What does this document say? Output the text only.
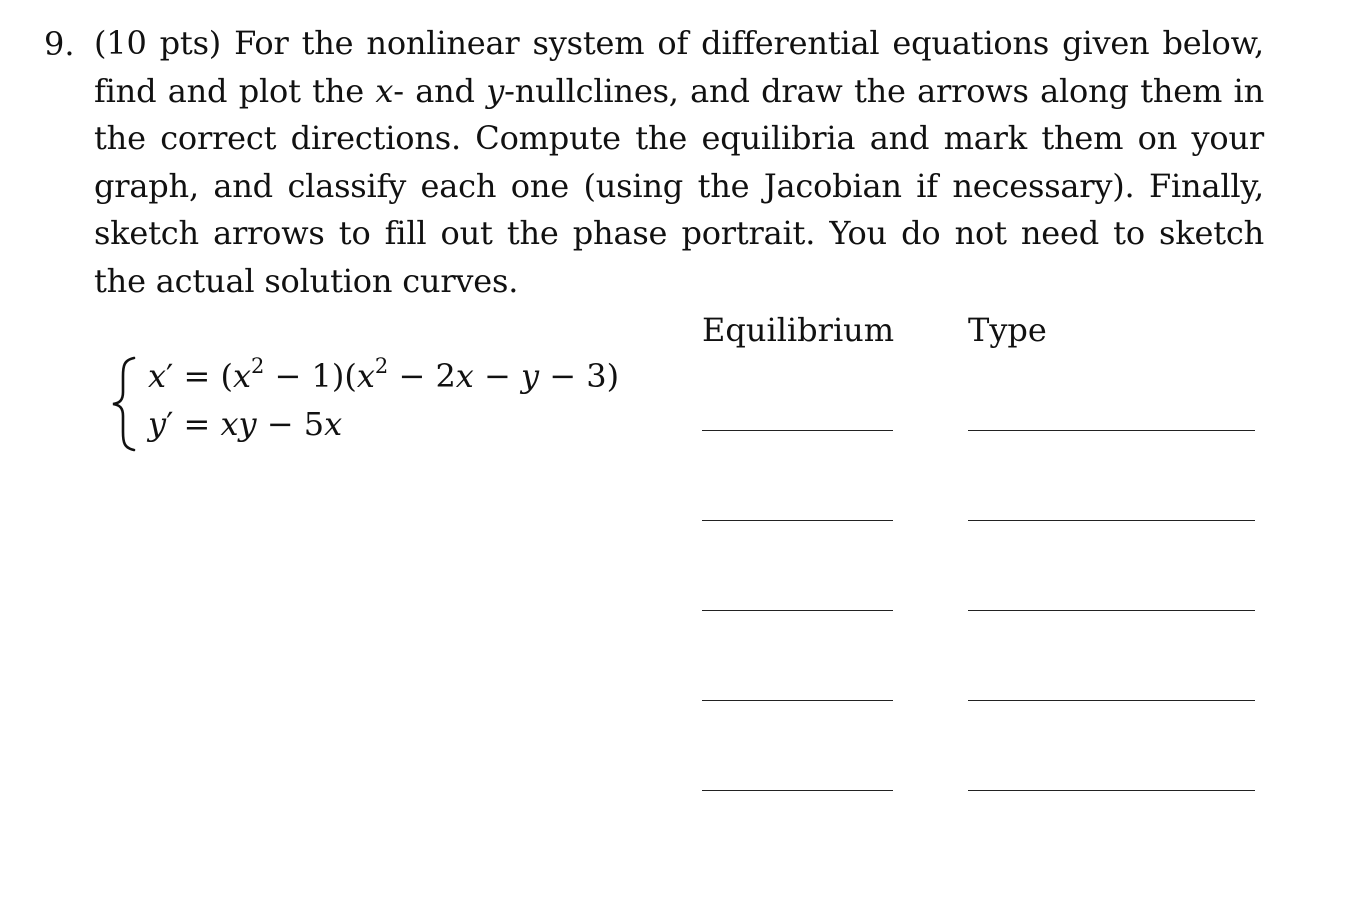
9. (10 pts) For the nonlinear system of differential equations given below,
find and plot the x- and y-nullclines, and draw the arrows along them in
the correct directions. Compute the equilibria and mark them on your
graph, and classify each one (using the Jacobian if necessary). Finally,
sketch arrows to fill out the phase portrait. You do not need to sketch
the actual solution curves.
$x' = (x^2 - 1)(x^2 - 2x - y - 3)$
y′ = xy − 5x
Equilibrium Type
